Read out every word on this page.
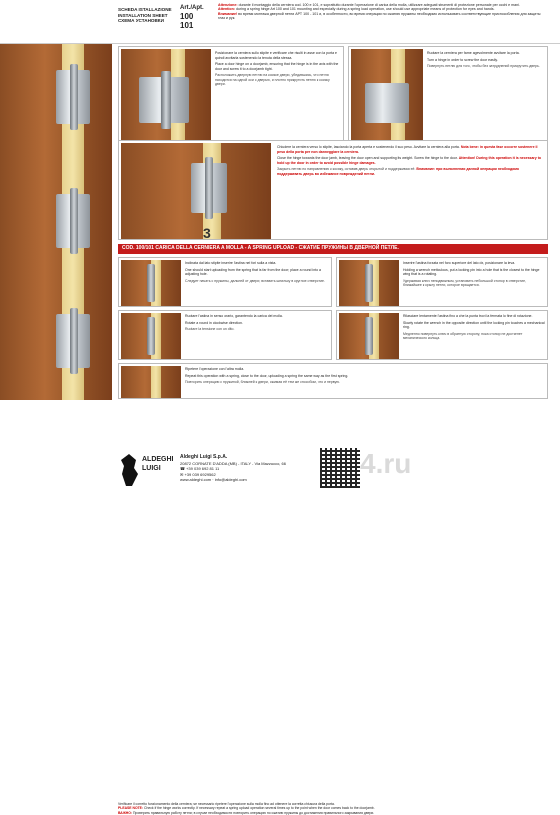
SCHEDA ISTALLAZIONE
INSTALLATION SHEET
СХЕМА УСТАНОВКИ
Art./Apt.
100
101

Attenzione: durante il montaggio della cerniera cod. 100 e 101, e soprattutto durante l'operazione di carica della molla, utilizzare adeguati strumenti di protezione personale per occhi e mani.

Attention: during a spring hinge Art 100 and 101 mounting and especially during a spring load operation, use should use appropriate means of protection for eyes and hands.

Внимание! во время монтажа дверной петли АРТ 100 - 101 и, в особенности, во время операции по сжатию пружины необходимо использовать соответствующие приспособления для защиты глаз и рук.

Posizionare la cerniera sullo stipite e verificare che risulti in asse con la porta e quindi avvitarla sostenendo la tenuta della stessa.

Place a door hinge on a doorjamb, ensuring that the hinge is in the axis with the door and screw it to a doorjamb tight.

Расположить дверную петлю на косяке двери, убедившись, что петля находится на одной оси с дверью, и плотно прикрутить петлю к косяку двери.

Ruotare la cerniera per farne agevolmente avvitare la porta.

Turn a hinge in order to screw the door easily.

Повернуть петлю для того, чтобы без затруднений прикрутить дверь.
3

Chiudere la cerniera verso lo stipite, lasciando la porta aperta e sostenendo il suo peso. Avvitare la cerniera alla porta. Nota bene: in questa fase occorre sostenere il peso della porta per non danneggiare la cerniera.

Close the hinge towards the door jamb, leaving the door open and supporting its weight. Screw the hinge to the door. Attention! During this operation it is necessary to hold up the door in order to avoid possible hinge damages.

Закрыть петлю по направлению к косяку, оставив дверь открытой и поддерживая её. Внимание: при выполнении данной операции необходимо поддерживать дверь во избежание повреждений петли.
COD. 100/101 CARICA DELLA CERNIERA A MOLLA - A SPRING UPLOAD - СЖАТИЕ ПРУЖИНЫ В ДВЕРНОЙ ПЕТЛЕ.

Inclinata dal lato stipite inserire l'astina nel fori sulla a vista.

One should start uploading from the spring that is far from the door; place a round into a adjusting hole.

Следует начать с пружины, дальней от двери; вставить шпильку в круглое отверстие.

Inserire l'astina forzata nel foro superiore del lato dx, posizionare la leva.

Holding a wrench meticulous, put a locking pin into a hole that is the closest to the hinge wing that is a rotating.

Удерживая ключ неподвижным, установить небольшой стопор в отверстие, ближайшее к крылу петли, которое вращается.

Ruotare l'astina in senso orario, garantendo la carica del molla.

Rotate a round in clockwise direction.

Ruotare la tensione con un dito.

Rilasciare lentamente l'astina fino a che la punta trovi la fermata lo fine di rotazione.

Slowly rotate the wrench in the opposite direction until the locking pin touches a mechanical ring.

Медленно повернуть ключ в обратную сторону, пока стопор не достигнет механического кольца.

Ripetere l'operazione con l'altra molla.

Repeat this operation with a spring, close to the door, uploading a spring the same way as the first spring.

Повторить операцию с пружиной, ближней к двери, сжимая её тем же способом, что и первую.

Verificare il corretto funzionamento della cerniera; se necessario ripetere l'operazione sulla molla fino ad ottenere la corretta chiusura della porta.

PLEASE NOTE: Check if the hinge works correctly. If necessary repeat a spring upload operation several times up to the point when the door comes back to the doorjamb.

ВАЖНО: Проверить правильную работу петли; в случае необходимости повторить операцию по сжатию пружины до достижения правильного закрывания двери.

ALDEGHI
LUIGI
Aldeghi Luigi S.p.A.
20872 CORNATE D'ADDA (MB) - ITALY - Via Mazzucco, 66
☎ +39 039 692 81 11
✉ +39 039 6929562
www.aldeghi.com · info@aldeghi.com
4.ru
